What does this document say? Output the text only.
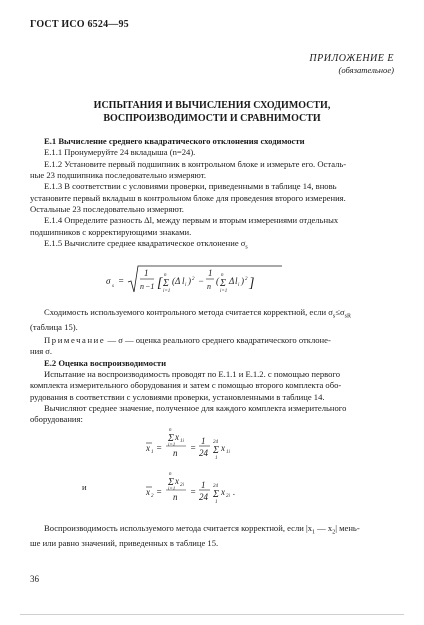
ГОСТ ИСО 6524—95
ПРИЛОЖЕНИЕ Е
(обязательное)
ИСПЫТАНИЯ И ВЫЧИСЛЕНИЯ СХОДИМОСТИ,
ВОСПРОИЗВОДИМОСТИ И СРАВНИМОСТИ

Е.1 Вычисление среднего квадратического отклонения сходимости

Е.1.1 Пронумеруйте 24 вкладыша (n=24).

Е.1.2 Установите первый подшипник в контрольном блоке и измерьте его. Осталь-

ные 23 подшипника последовательно измеряют.

Е.1.3 В соответствии с условиями проверки, приведенными в таблице 14, вновь

установите первый вкладыш в контрольном блоке для проведения второго измерения.

Остальные 23 последовательно измеряют.

Е.1.4 Определите разность Δl, между первым и вторым измерениями отдельных

подшипников с корректирующими знаками.

Е.1.5 Вычислите среднее квадратическое отклонение $\sigma_s$

σ
s
=
1
n −1 [ Σ
n
i=1
(Δ l i ) 2 −
1
n
( Σ
n
i=1
Δ l i ) 2 ]

Сходимость используемого контрольного метода считается корректной, если $\sigma_s\le\sigma_{sR}$

(таблица 15).

Примечание — σ — оценка реального среднего квадратического отклоне-

ния σ.

Е.2 Оценка воспроизводимости

Испытание на воспроизводимость проводят по Е.1.1 и Е.1.2. с помощью первого

комплекта измерительного оборудования и затем с помощью второго комплекта обо-

рудования в соответствии с условиями проверки, установленными в таблице 14.

Вычисляют среднее значение, полученное для каждого комплекта измерительного

оборудования:

x 1 =
Σ
n
i=1
x 1i
n =
1
24 Σ
24
1
x 1i
и	x 2 =
Σ
n
i=1
x 2i
n =
1
24 Σ
24
1
x 2i .

Воспроизводимость используемого метода считается корректной, если $|x_1$ — $x_2|$ мень-

ше или равно значений, приведенных в таблице 15.

36
